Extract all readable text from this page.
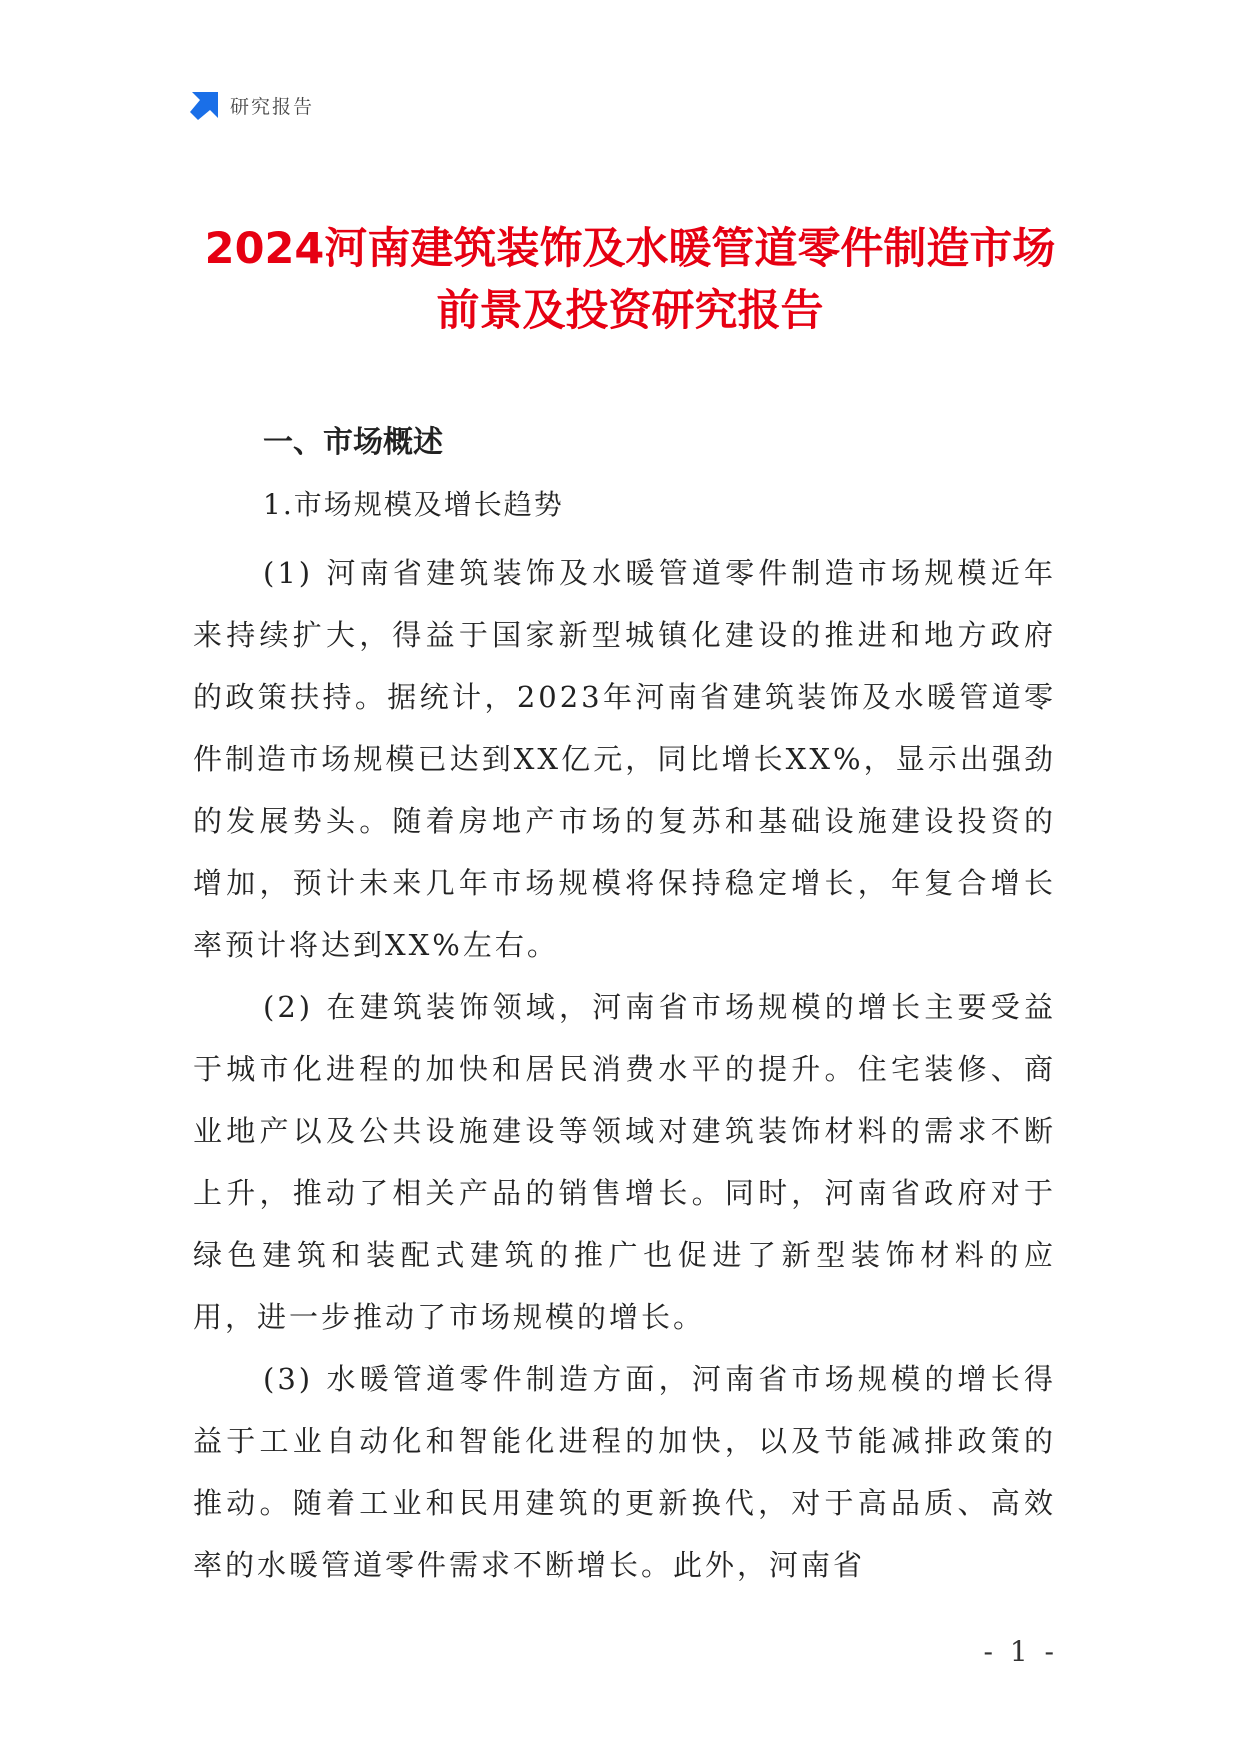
研究报告
2024河南建筑装饰及水暖管道零件制造市场前景及投资研究报告
一、市场概述
1.市场规模及增长趋势

(1) 河南省建筑装饰及水暖管道零件制造市场规模近年来持续扩大，得益于国家新型城镇化建设的推进和地方政府的政策扶持。据统计，2023年河南省建筑装饰及水暖管道零件制造市场规模已达到XX亿元，同比增长XX%，显示出强劲的发展势头。随着房地产市场的复苏和基础设施建设投资的增加，预计未来几年市场规模将保持稳定增长，年复合增长率预计将达到XX%左右。

(2) 在建筑装饰领域，河南省市场规模的增长主要受益于城市化进程的加快和居民消费水平的提升。住宅装修、商业地产以及公共设施建设等领域对建筑装饰材料的需求不断上升，推动了相关产品的销售增长。同时，河南省政府对于绿色建筑和装配式建筑的推广也促进了新型装饰材料的应用，进一步推动了市场规模的增长。

(3) 水暖管道零件制造方面，河南省市场规模的增长得益于工业自动化和智能化进程的加快，以及节能减排政策的推动。随着工业和民用建筑的更新换代，对于高品质、高效率的水暖管道零件需求不断增长。此外，河南省

- 1 -
